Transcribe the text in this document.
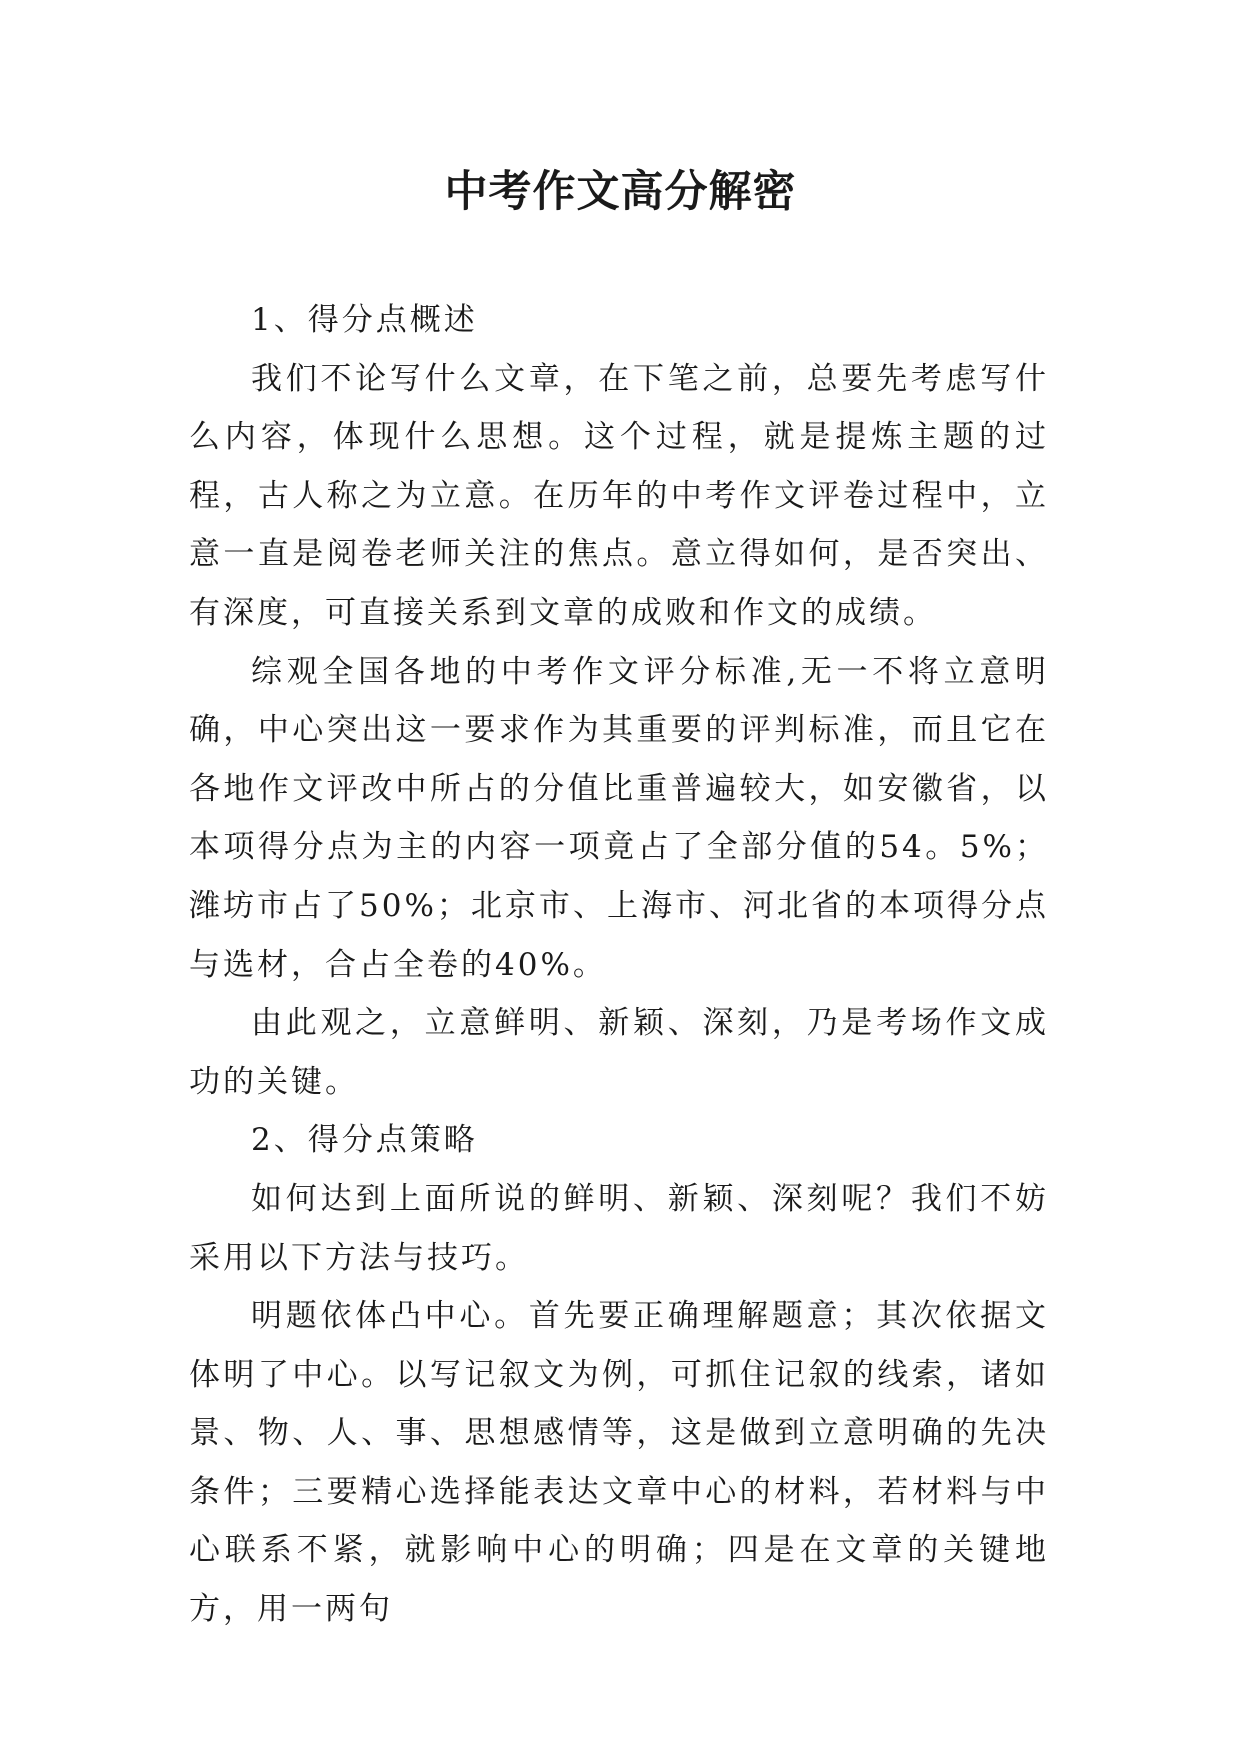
中考作文高分解密

1、得分点概述

我们不论写什么文章，在下笔之前，总要先考虑写什么内容，体现什么思想。这个过程，就是提炼主题的过程，古人称之为立意。在历年的中考作文评卷过程中，立意一直是阅卷老师关注的焦点。意立得如何，是否突出、有深度，可直接关系到文章的成败和作文的成绩。

综观全国各地的中考作文评分标准,无一不将立意明确，中心突出这一要求作为其重要的评判标准，而且它在各地作文评改中所占的分值比重普遍较大，如安徽省，以本项得分点为主的内容一项竟占了全部分值的54。5%；潍坊市占了50%；北京市、上海市、河北省的本项得分点与选材，合占全卷的40%。

由此观之，立意鲜明、新颖、深刻，乃是考场作文成功的关键。

2、得分点策略

如何达到上面所说的鲜明、新颖、深刻呢？我们不妨采用以下方法与技巧。

明题依体凸中心。首先要正确理解题意；其次依据文体明了中心。以写记叙文为例，可抓住记叙的线索，诸如景、物、人、事、思想感情等，这是做到立意明确的先决条件；三要精心选择能表达文章中心的材料，若材料与中心联系不紧，就影响中心的明确；四是在文章的关键地方，用一两句
